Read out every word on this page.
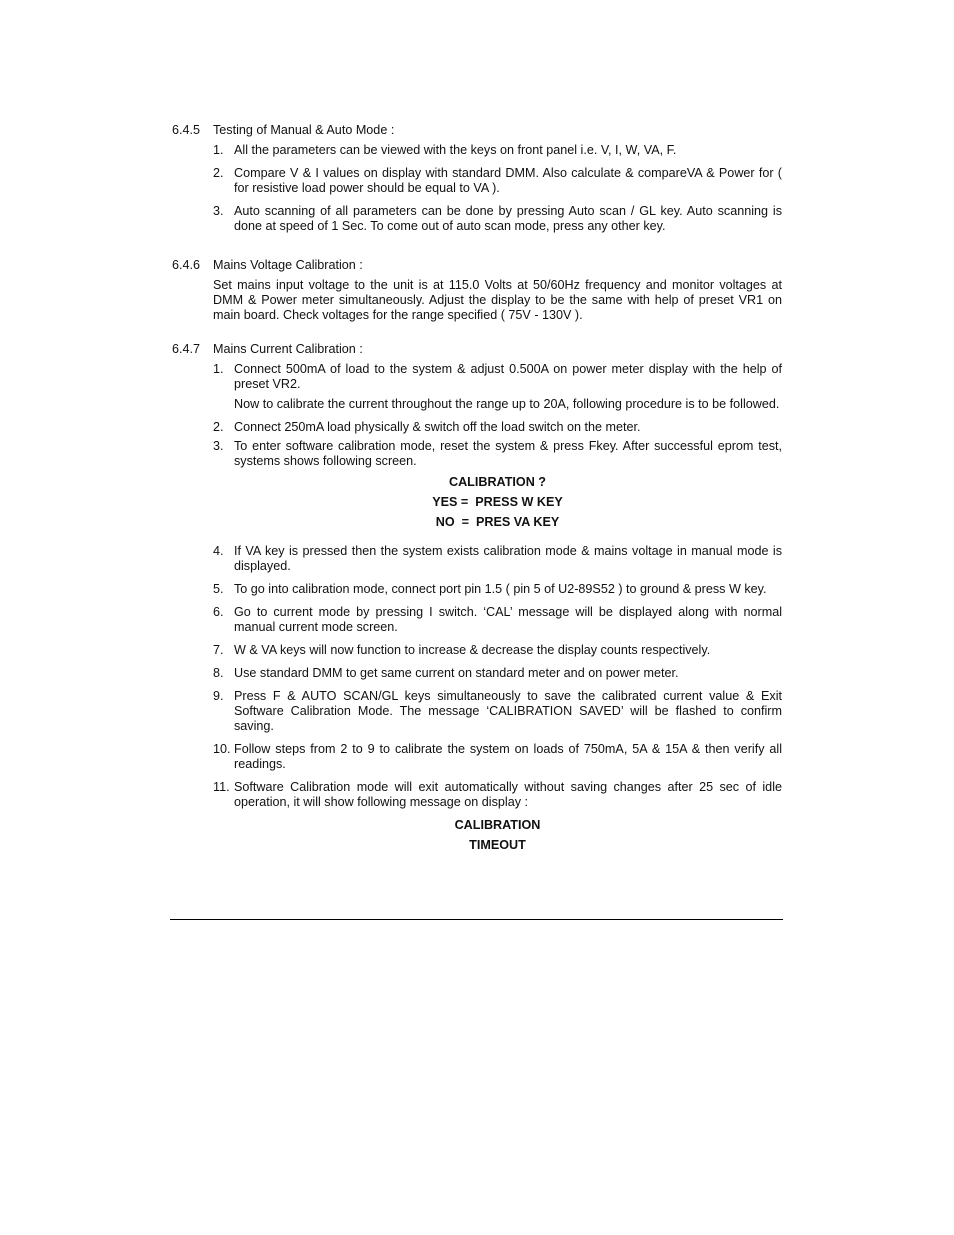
6.4.5	Testing of Manual & Auto Mode :
1. All the parameters can be viewed with the keys on front panel i.e. V, I, W, VA, F.

2. Compare V & I values on display with standard DMM. Also calculate & compareVA & Power for ( for resistive load power should be equal to VA ).

3. Auto scanning of all parameters can be done by pressing Auto scan / GL key. Auto scanning is done at speed of 1 Sec. To come out of auto scan mode, press any other key.

6.4.6	Mains Voltage Calibration :

Set mains input voltage to the unit is at 115.0 Volts at 50/60Hz frequency and monitor voltages at DMM & Power meter simultaneously. Adjust the display to be the same with help of preset VR1 on main board. Check voltages for the range specified ( 75V - 130V ).

6.4.7	Mains Current Calibration :
1. Connect 500mA of load to the system & adjust 0.500A on power meter display with the help of preset VR2.

Now to calibrate the current throughout the range up to 20A, following procedure is to be followed.

2. Connect 250mA load physically & switch off the load switch on the meter.

3. To enter software calibration mode, reset the system & press Fkey. After successful eprom test, systems shows following screen.

CALIBRATION ?
YES =  PRESS W KEY
NO  =  PRES VA KEY
4. If VA key is pressed then the system exists calibration mode & mains voltage in manual mode is displayed.

5. To go into calibration mode, connect port pin 1.5 ( pin 5 of U2-89S52 ) to ground & press W key.

6. Go to current mode by pressing I switch. ‘CAL’ message will be displayed along with normal manual current mode screen.

7. W & VA keys will now function to increase & decrease the display counts respectively.

8. Use standard DMM to get same current on standard meter and on power meter.

9. Press F & AUTO SCAN/GL keys simultaneously to save the calibrated current value & Exit Software Calibration Mode. The message ‘CALIBRATION SAVED’ will be flashed to confirm saving.

10. Follow steps from 2 to 9 to calibrate the system on loads of 750mA, 5A & 15A & then verify all readings.

11. Software Calibration mode will exit automatically without saving changes after 25 sec of idle operation, it will show following message on display :

CALIBRATION
TIMEOUT
